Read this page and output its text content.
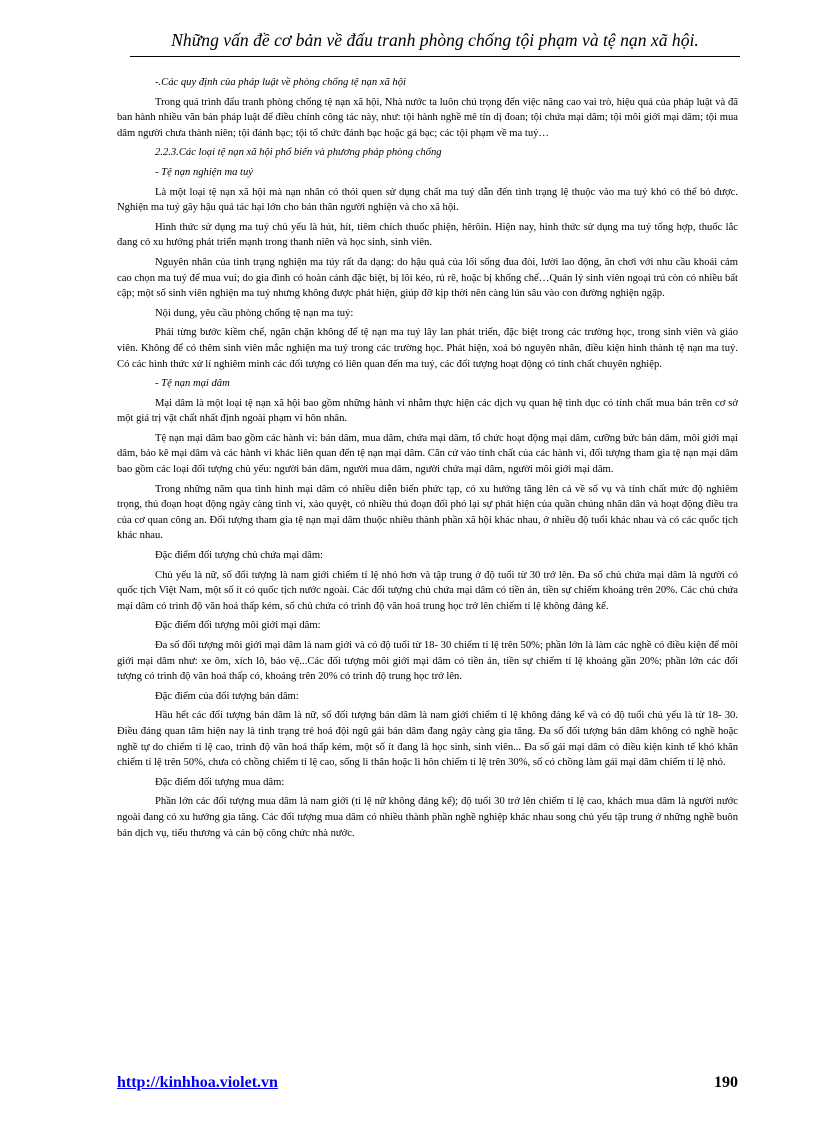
Những vấn đề cơ bản về đấu tranh phòng chống tội phạm và tệ nạn xã hội.

-.Các quy định của pháp luật về phòng chống tệ nạn xã hội

Trong quá trình đấu tranh phòng chống tệ nạn xã hội, Nhà nước ta luôn chú trọng đến việc nâng cao vai trò, hiệu quả của pháp luật và đã ban hành nhiều văn bản pháp luật để điều chỉnh công tác này, như: tội hành nghề mê tín dị đoan; tội chứa mại dâm; tội môi giới mại dâm; tội mua dâm người chưa thành niên; tội đánh bạc; tội tổ chức đánh bạc hoặc gá bạc; các tội phạm về ma tuý…

2.2.3.Các loại tệ nạn xã hội phổ biến và phương pháp phòng chống

- Tệ nạn nghiện ma tuý

Là một loại tệ nạn xã hội mà nạn nhân có thói quen sử dụng chất ma tuý dẫn đến tình trạng lệ thuộc vào ma tuý khó có thể bỏ được. Nghiện ma tuý gây hậu quả tác hại lớn cho bản thân người nghiện và cho xã hội.

Hình thức sử dụng ma tuý chủ yếu là hút, hít, tiêm chích thuốc phiện, hêrôin. Hiện nay, hình thức sử dụng ma tuý tổng hợp, thuốc lắc đang có xu hướng phát triển mạnh trong thanh niên và học sinh, sinh viên.

Nguyên nhân của tình trạng nghiện ma túy rất đa dạng: do hậu quả của lối sống đua đòi, lười lao động, ăn chơi với nhu cầu khoái cảm cao chọn ma tuý để mua vui; do gia đình có hoàn cảnh đặc biệt, bị lôi kéo, rủ rê, hoặc bị khống chế…Quản lý sinh viên ngoại trú còn có nhiều bất cập; một số sinh viên nghiện ma tuý nhưng không được phát hiện, giúp đỡ kịp thời nên càng lún sâu vào con đường nghiện ngập.

Nội dung, yêu cầu phòng chống tệ nạn ma tuý:

Phải từng bước kiềm chế, ngăn chặn không để tệ nạn ma tuý lây lan phát triển, đặc biệt trong các trường học, trong sinh viên và giáo viên. Không để có thêm sinh viên mắc nghiện ma tuý trong các trường học. Phát hiện, xoá bỏ nguyên nhân, điều kiện hình thành tệ nạn ma tuý. Có các hình thức xử lí nghiêm minh các đối tượng có liên quan đến ma tuý, các đối tượng hoạt động có tính chất chuyên nghiệp.

- Tệ nạn mại dâm

Mại dâm là một loại tệ nạn xã hội bao gồm những hành vi nhằm thực hiện các dịch vụ quan hệ tình dục có tính chất mua bán trên cơ sở một giá trị vật chất nhất định ngoài phạm vi hôn nhân.

Tệ nạn mại dâm bao gồm các hành vi: bán dâm, mua dâm, chứa mại dâm, tổ chức hoạt động mại dâm, cưỡng bức bán dâm, môi giới mại dâm, bảo kê mại dâm và các hành vi khác liên quan đến tệ nạn mại dâm. Căn cứ vào tính chất của các hành vi, đối tượng tham gia tệ nạn mại dâm bao gồm các loại đối tượng chủ yếu: người bán dâm, người mua dâm, người chứa mại dâm, người môi giới mại dâm.

Trong những năm qua tình hình mại dâm có nhiều diễn biến phức tạp, có xu hướng tăng lên cả về số vụ và tính chất mức độ nghiêm trọng, thủ đoạn hoạt động ngày càng tinh vi, xảo quyệt, có nhiều thủ đoạn đối phó lại sự phát hiện của quần chúng nhân dân và hoạt động điều tra của cơ quan công an. Đối tượng tham gia tệ nạn mại dâm thuộc nhiều thành phần xã hội khác nhau, ở nhiều độ tuổi khác nhau và có các quốc tịch khác nhau.

Đặc điểm đối tượng chủ chứa mại dâm:

Chủ yếu là nữ, số đối tượng là nam giới chiếm tỉ lệ nhỏ hơn và tập trung ở độ tuổi từ 30 trở lên. Đa số chủ chứa mại dâm là người có quốc tịch Việt Nam, một số ít có quốc tịch nước ngoài. Các đối tượng chủ chứa mại dâm có tiền án, tiền sự chiếm khoảng trên 20%. Các chủ chứa mại dâm có trình độ văn hoá thấp kém, số chủ chứa có trình độ văn hoá trung học trở lên chiếm tỉ lệ không đáng kể.

Đặc điểm đối tượng môi giới mại dâm:

Đa số đối tượng môi giới mại dâm là nam giới và có độ tuổi từ 18- 30 chiếm tỉ lệ trên 50%; phần lớn là làm các nghề có điều kiện để môi giới mại dâm như: xe ôm, xích lô, bảo vệ...Các đối tượng môi giới mại dâm có tiền án, tiền sự chiếm tỉ lệ khoảng gần 20%; phần lớn các đối tượng có trình độ văn hoá thấp có, khoảng trên 20% có trình độ trung học trở lên.

Đặc điểm của đối tượng bán dâm:

Hầu hết các đối tượng bán dâm là nữ, số đối tượng bán dâm là nam giới chiếm tỉ lệ không đáng kể và có độ tuổi chủ yếu là từ 18- 30. Điều đáng quan tâm hiện nay là tình trạng trẻ hoá đội ngũ gái bán dâm đang ngày càng gia tăng. Đa số đối tượng bán dâm không có nghề hoặc nghề tự do chiếm tỉ lệ cao, trình độ văn hoá thấp kém, một số ít đang là học sinh, sinh viên... Đa số gái mại dâm có điều kiện kinh tế khó khăn chiếm tỉ lệ trên 50%, chưa có chồng chiếm tỉ lệ cao, sống li thân hoặc li hôn chiếm tỉ lệ trên 30%, số có chồng làm gái mại dâm chiếm tỉ lệ nhỏ.

Đặc điểm đối tượng mua dâm:

Phần lớn các đối tượng mua dâm là nam giới (tỉ lệ nữ không đáng kể); độ tuổi 30 trở lên chiếm tỉ lệ cao, khách mua dâm là người nước ngoài đang có xu hướng gia tăng. Các đối tượng mua dâm có nhiều thành phần nghề nghiệp khác nhau song chủ yếu tập trung ở những nghề buôn bán dịch vụ, tiểu thương và cán bộ công chức nhà nước.

http://kinhhoa.violet.vn	190
